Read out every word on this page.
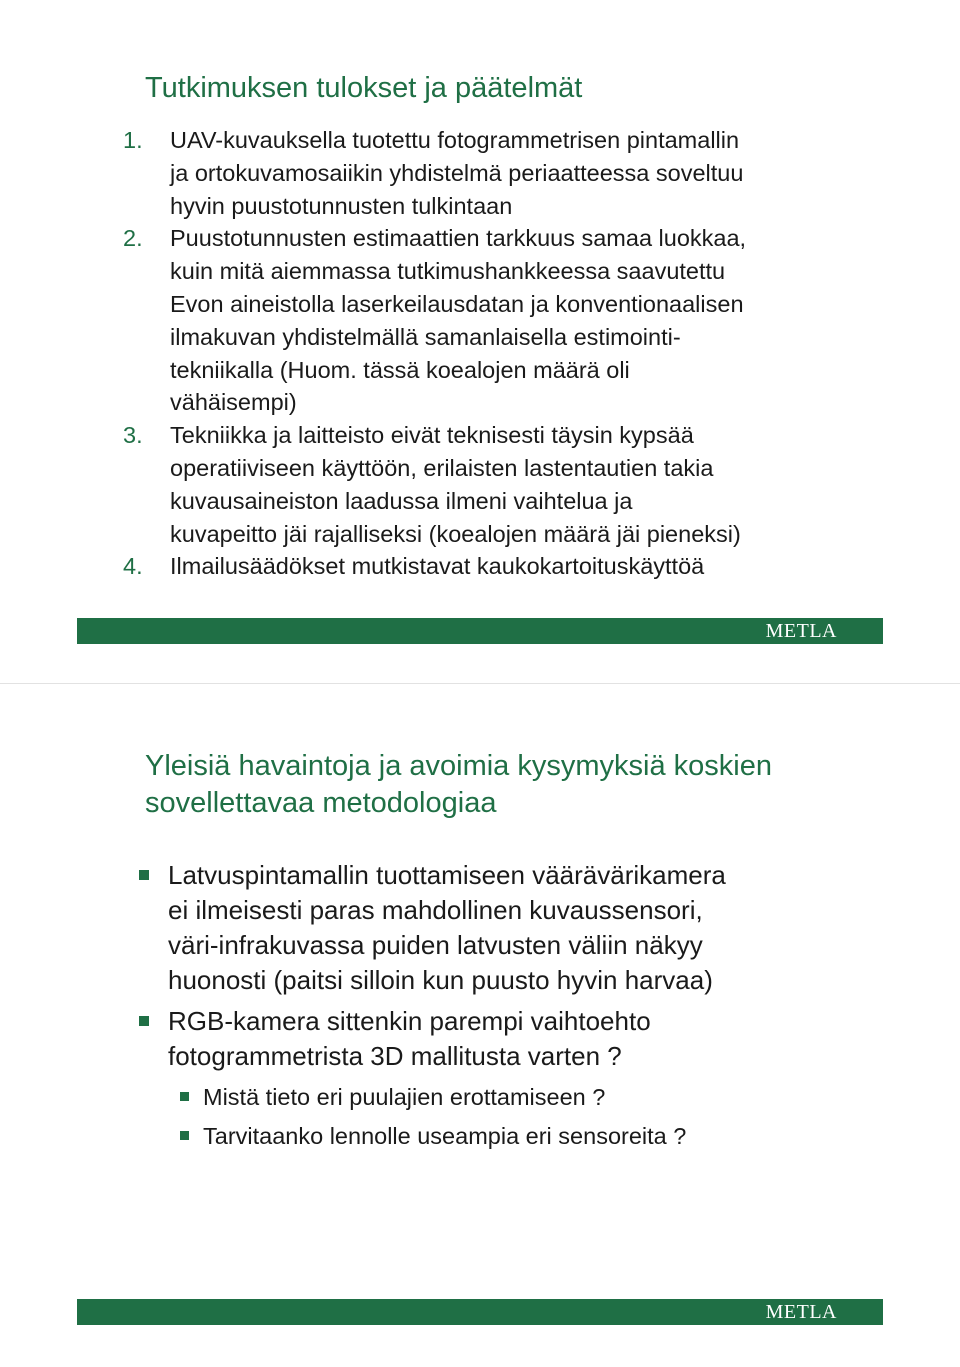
Tutkimuksen tulokset ja päätelmät
1. UAV-kuvauksella tuotettu fotogrammetrisen pintamallin
ja ortokuvamosaiikin yhdistelmä periaatteessa soveltuu
hyvin puustotunnusten tulkintaan
2. Puustotunnusten estimaattien tarkkuus samaa luokkaa,
kuin mitä aiemmassa tutkimushankkeessa saavutettu
Evon aineistolla laserkeilausdatan ja konventionaalisen
ilmakuvan yhdistelmällä samanlaisella estimointi-
tekniikalla (Huom. tässä koealojen määrä oli
vähäisempi)
3. Tekniikka ja laitteisto eivät teknisesti täysin kypsää
operatiiviseen käyttöön, erilaisten lastentautien takia
kuvausaineiston laadussa ilmeni vaihtelua ja
kuvapeitto jäi rajalliseksi (koealojen määrä jäi pieneksi)
4. Ilmailusäädökset mutkistavat kaukokartoituskäyttöä
METLA
Yleisiä havaintoja ja avoimia kysymyksiä koskien
sovellettavaa metodologiaa
Latvuspintamallin tuottamiseen väärävärikamera
ei ilmeisesti paras mahdollinen kuvaussensori,
väri-infrakuvassa puiden latvusten väliin näkyy
huonosti (paitsi silloin kun puusto hyvin harvaa)
RGB-kamera sittenkin parempi vaihtoehto
fotogrammetrista 3D mallitusta varten ?
Mistä tieto eri puulajien erottamiseen ?
Tarvitaanko lennolle useampia eri sensoreita ?
METLA
